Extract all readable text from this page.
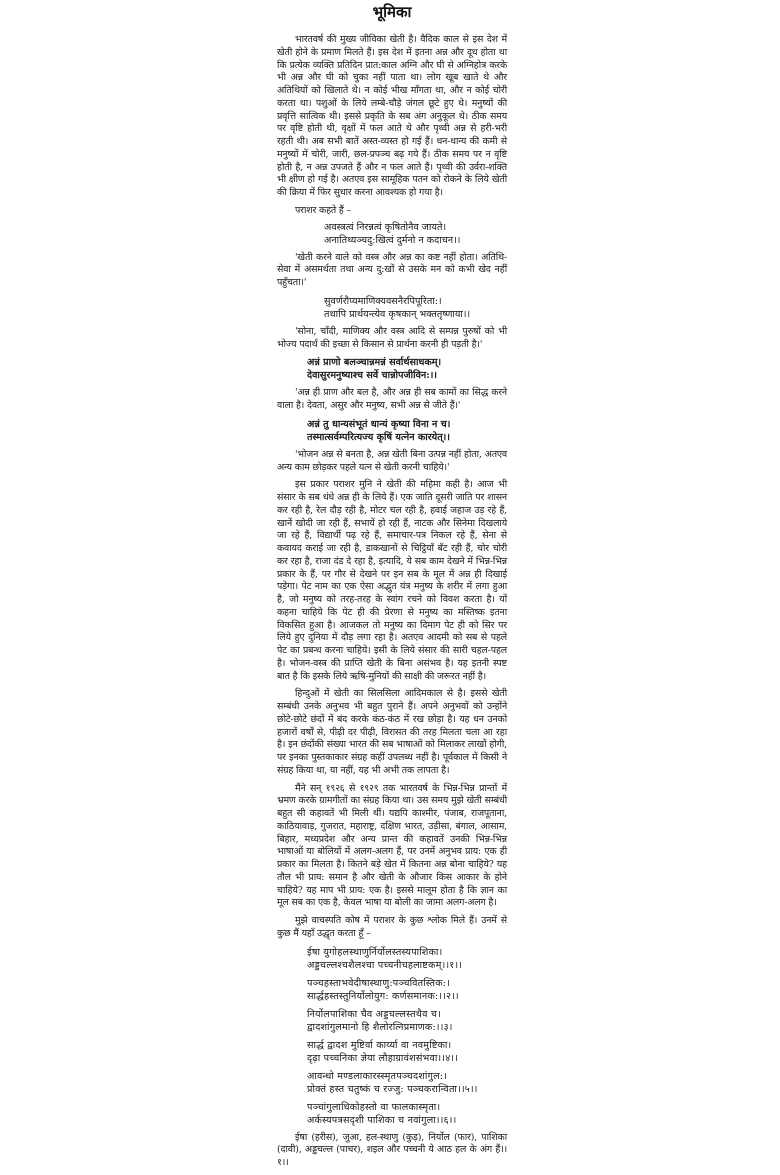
भूमिका

भारतवर्ष की मुख्य जीविका खेती है। वैदिक काल से इस देश में खेती होने के प्रमाण मिलते हैं। इस देश में इतना अन्न और दूध होता था कि प्रत्येक व्यक्ति प्रतिदिन प्रात:काल अग्नि और घी से अग्निहोत्र करके भी अन्न और घी को चुका नहीं पाता था। लोग खूब खाते थे और अतिथियों को खिलाते थे। न कोई भीख माँगता था, और न कोई चोरी करता था। पशुओं के लिये लम्बे-चौड़े जंगल छूटे हुए थे। मनुष्यों की प्रवृत्ति सात्विक थी। इससे प्रकृति के सब अंग अनुकूल थे। ठीक समय पर वृष्टि होती थी, वृक्षों में फल आते थे और पृथ्वी अन्न से हरी-भरी रहती थी। अब सभी बातें अस्त-व्यस्त हो गई हैं। धन-धान्य की कमी से मनुष्यों में चोरी, जारी, छल-प्रपञ्च बढ़ गये हैं। ठीक समय पर न वृष्टि होती है, न अन्न उपजते हैं और न फल आते हैं। पृथ्वी की उर्वरा-शक्ति भी क्षीण हो गई है। अतएव इस सामूहिक पतन को रोकने के लिये खेती की क्रिया में फिर सुधार करना आवश्यक हो गया है।

पराशर कहते हैं –

अवस्त्रत्वं निरन्नत्वं कृषितोनैव जायते।
अनातिथ्यञ्चदु:खित्वं दुर्मनो न कदाचन।।

'खेती करने वाले को वस्त्र और अन्न का कष्ट नहीं होता। अतिथि-सेवा में असमर्थता तथा अन्य दु:खों से उसके मन को कभी खेद नहीं पहुँचता।'

सुवर्णरौप्यमाणिक्यवसनैरपिपूरिता:।
तथापि प्रार्थयन्त्येव कृषकान् भक्ततृष्णाया।।

'सोना, चाँदी, माणिक्य और वस्त्र आदि से सम्पन्न पुरुषों को भी भोज्य पदार्थ की इच्छा से किसान से प्रार्थना करनी ही पड़ती है।'

अन्नं प्राणो बलञ्चान्नमन्नं सर्वार्थसाधकम्।
देवासुरमनुष्याश्च सर्वे चान्नोपजीविन:।।

'अन्न ही प्राण और बल है, और अन्न ही सब कामों का सिद्ध करने वाला है। देवता, असुर और मनुष्य, सभी अन्न से जीते हैं।'

अन्नं तु धान्यसंभूतं धान्यं कृष्या विना न च।
तस्मात्सर्वम्परित्यज्य कृषिं यत्नेन कारयेत्।।

'भोजन अन्न से बनता है, अन्न खेती बिना उत्पन्न नहीं होता, अतएव अन्य काम छोड़कर पहले यत्न से खेती करनी चाहिये।'

इस प्रकार पराशर मुनि ने खेती की महिमा कही है। आज भी संसार के सब धंधे अन्न ही के लिये हैं। एक जाति दूसरी जाति पर शासन कर रही है, रेल दौड़ रही है, मोटर चल रही है, हवाई जहाज उड़ रहे हैं, खानें खोदी जा रही हैं, सभायें हो रही हैं, नाटक और सिनेमा दिखलाये जा रहे हैं, विद्यार्थी पढ़ रहे हैं, समाचार-पत्र निकल रहे हैं, सेना से कवायद कराई जा रही है, डाकखानों से चिट्ठियाँ बँट रही हैं, चोर चोरी कर रहा है, राजा दंड दे रहा है, इत्यादि, ये सब काम देखने में भिन्न-भिन्न प्रकार के हैं, पर गौर से देखने पर इन सब के मूल में अन्न ही दिखाई पड़ेगा। पेट नाम का एक ऐसा अद्भुत यंत्र मनुष्य के शरीर में लगा हुआ है, जो मनुष्य को तरह-तरह के स्वांग रचने को विवश करता है। यों कहना चाहिये कि पेट ही की प्रेरणा से मनुष्य का मस्तिष्क इतना विकसित हुआ है। आजकल तो मनुष्य का दिमाग पेट ही को सिर पर लिये हुए दुनिया में दौड़ लगा रहा है। अतएव आदमी को सब से पहले पेट का प्रबन्ध करना चाहिये। इसी के लिये संसार की सारी चहल-पहल है। भोजन-वस्त्र की प्राप्ति खेती के बिना असंभव है। यह इतनी स्पष्ट बात है कि इसके लिये ऋषि-मुनियों की साक्षी की जरूरत नहीं है।

हिन्दुओं में खेती का सिलसिला आदिमकाल से है। इससे खेती सम्बंधी उनके अनुभव भी बहुत पुराने हैं। अपने अनुभवों को उन्होंने छोटे-छोटे छंदों में बंद करके कंठ-कंठ में रख छोड़ा है। यह धन उनको हजारों वर्षों से, पीढ़ी दर पीढ़ी, विरासत की तरह मिलता चला आ रहा है। इन छंदोंकी संख्या भारत की सब भाषाओं को मिलाकर लाखों होगी, पर इनका पुस्तकाकार संग्रह कहीं उपलब्ध नहीं है। पूर्वकाल में किसी ने संग्रह किया था, या नहीं, यह भी अभी तक लापता है।

मैंने सन् १९२६ से १९२९ तक भारतवर्ष के भिन्न-भिन्न प्रान्तों में भ्रमण करके ग्रामगीतों का संग्रह किया था। उस समय मुझे खेती सम्बंधी बहुत सी कहावतें भी मिली थीं। यद्यपि काश्मीर, पंजाब, राजपूताना, काठियावाड़, गुजरात, महाराष्ट्र, दक्षिण भारत, उड़ीसा, बंगाल, आसाम, बिहार, मध्यप्रदेश और अन्य प्रान्त की कहावतें उनकी भिन्न-भिन्न भाषाओं या बोलियों में अलग-अलग हैं, पर उनमें अनुभव प्राय: एक ही प्रकार का मिलता है। कितने बड़े खेत में कितना अन्न बोना चाहिये? यह तौल भी प्राय: समान है और खेती के औजार किस आकार के होने चाहिये? यह माप भी प्राय: एक है। इससे मालूम होता है कि ज्ञान का मूल सब का एक है, केवल भाषा या बोली का जामा अलग-अलग है।

मुझे वाचस्पति कोष में पराशर के कुछ श्लोक मिले हैं। उनमें से कुछ मैं यहाँ उद्धृत करता हूँ –

ईषा युगोहलस्थाणुर्निर्योलस्तस्यपाशिका।
अड्डचल्लश्चशैलश्चा पच्चनीचहलाष्टकम्।।१।।
पञ्चहस्ताभवेदीषास्थाणु:पञ्चवितस्तिक:।
सार्द्धहस्तस्तुनिर्योलोयुग: कर्णसमानक:।।२।।
निर्योलपाशिका चैव अड्डचल्लस्तथैव च।
द्वादशांगुलमानो हि शैलोरत्निप्रमाणक:।।३।
सार्द्ध द्वादश मुष्टिर्वा कार्य्या वा नवमुष्टिका।
दृढ़ा पच्चनिका ज्ञेया लौहाग्रावंशसंभवा।।४।।
आवन्धो मण्डलाकारस्स्मृतपञ्चदशांगुल:।
प्रोक्तं हस्त चतुष्कं च रज्जु: पञ्चकरान्विता।।५।।
पञ्चांगुलाधिकोहस्तो वा फालकास्मृता।
अर्कस्यपत्रसदृशी पाशिका च नवांगुला।।६।।

ईषा (हरीस), जुआ, हल-स्थाणु (कुड़), निर्योल (फार), पाशिका (दावी), अड्डचल्ल (पाचर), शइल और पच्चनी ये आठ हल के अंग हैं।।१।।
